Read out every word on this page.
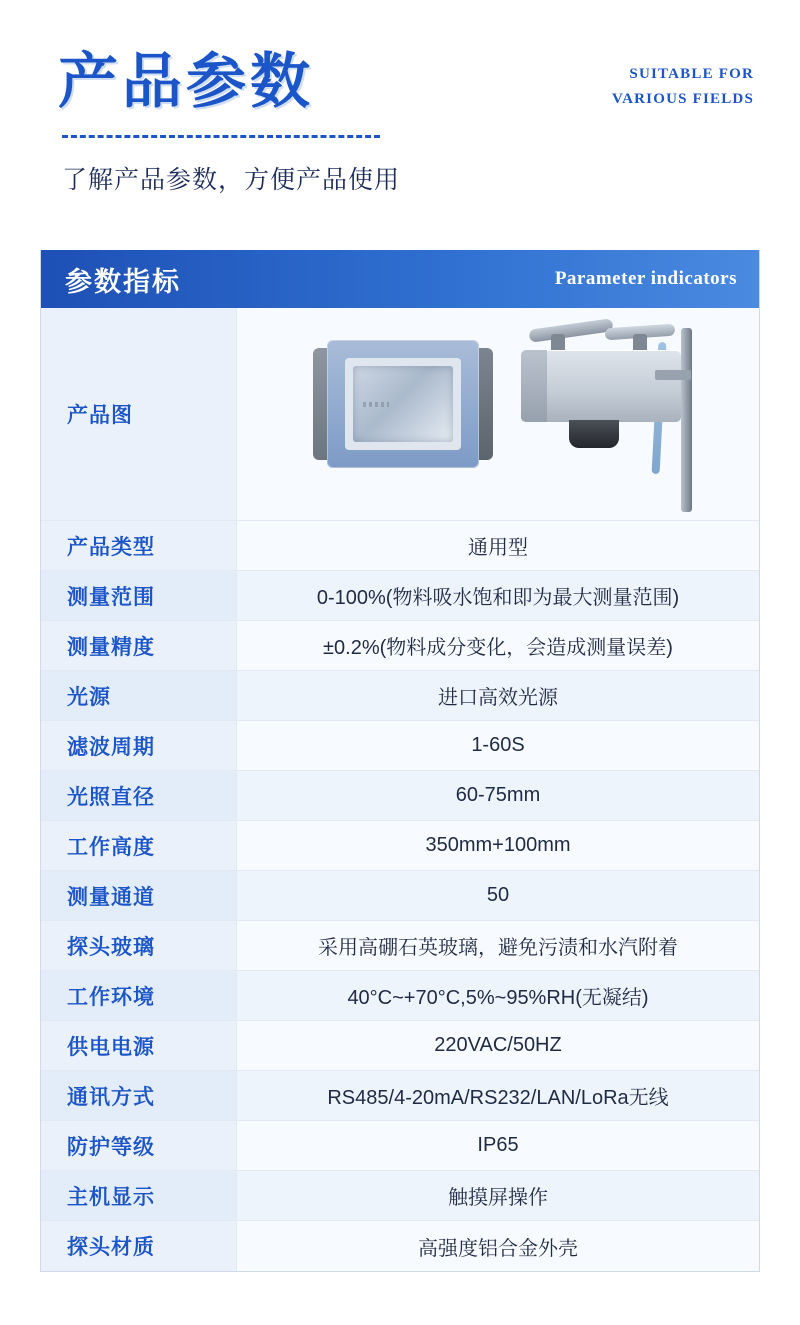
产品参数	SUITABLE FOR
VARIOUS FIELDS
了解产品参数，方便产品使用
参数指标	Parameter indicators
产品图
产品类型	通用型
测量范围	0-100%(物料吸水饱和即为最大测量范围)
测量精度	±0.2%(物料成分变化，会造成测量误差)
光源	进口高效光源
滤波周期	1-60S
光照直径	60-75mm
工作高度	350mm+100mm
测量通道	50
探头玻璃	采用高硼石英玻璃，避免污渍和水汽附着
工作环境	40°C~+70°C,5%~95%RH(无凝结)
供电电源	220VAC/50HZ
通讯方式	RS485/4-20mA/RS232/LAN/LoRa无线
防护等级	IP65
主机显示	触摸屏操作
探头材质	高强度铝合金外壳
